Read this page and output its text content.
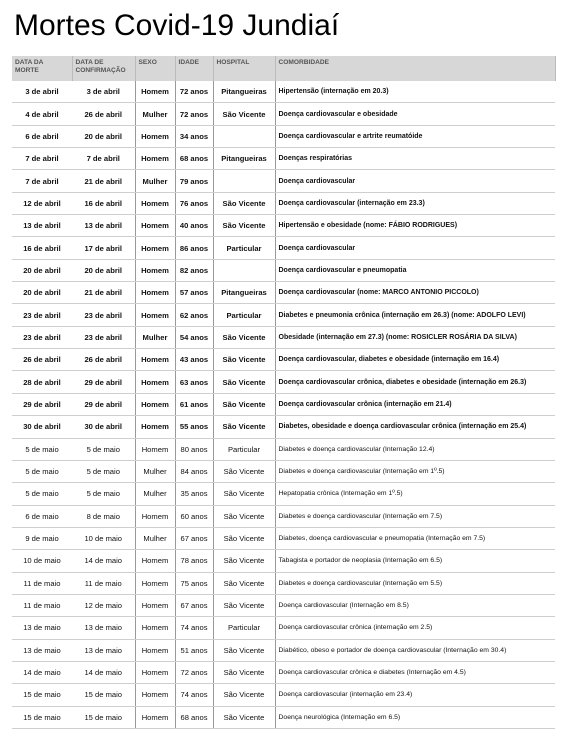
Mortes Covid-19 Jundiaí
DATA DA MORTE	DATA DE CONFIRMAÇÃO	SEXO	IDADE	HOSPITAL	COMORBIDADE
3 de abril	3 de abril	Homem	72 anos	Pitangueiras	Hipertensão (internação em 20.3)
4 de abril	26 de abril	Mulher	72 anos	São Vicente	Doença cardiovascular e obesidade
6 de abril	20 de abril	Homem	34 anos		Doença cardiovascular e artrite reumatóide
7 de abril	7 de abril	Homem	68 anos	Pitangueiras	Doenças respiratórias
7 de abril	21 de abril	Mulher	79 anos		Doença cardiovascular
12 de abril	16 de abril	Homem	76 anos	São Vicente	Doença cardiovascular (internação em 23.3)
13 de abril	13 de abril	Homem	40 anos	São Vicente	Hipertensão e obesidade (nome: FÁBIO RODRIGUES)
16 de abril	17 de abril	Homem	86 anos	Particular	Doença cardiovascular
20 de abril	20 de abril	Homem	82 anos		Doença cardiovascular e pneumopatia
20 de abril	21 de abril	Homem	57 anos	Pitangueiras	Doença cardiovascular (nome: MARCO ANTONIO PICCOLO)
23 de abril	23 de abril	Homem	62 anos	Particular	Diabetes e pneumonia crônica (internação em 26.3) (nome: ADOLFO LEVI)
23 de abril	23 de abril	Mulher	54 anos	São Vicente	Obesidade (internação em 27.3) (nome: ROSICLER ROSÁRIA DA SILVA)
26 de abril	26 de abril	Homem	43 anos	São Vicente	Doença cardiovascular, diabetes e obesidade (internação em 16.4)
28 de abril	29 de abril	Homem	63 anos	São Vicente	Doença cardiovascular crônica, diabetes e obesidade (internação em 26.3)
29 de abril	29 de abril	Homem	61 anos	São Vicente	Doença cardiovascular crônica (internação em 21.4)
30 de abril	30 de abril	Homem	55 anos	São Vicente	Diabetes, obesidade e doença cardiovascular crônica (internação em 25.4)
5 de maio	5 de maio	Homem	80 anos	Particular	Diabetes e doença cardiovascular (Internação 12.4)
5 de maio	5 de maio	Mulher	84 anos	São Vicente	Diabetes e doença cardiovascular (Internação em 1º.5)
5 de maio	5 de maio	Mulher	35 anos	São Vicente	Hepatopatia crônica (Internação em 1º.5)
6 de maio	8 de maio	Homem	60 anos	São Vicente	Diabetes e doença cardiovascular (Internação em 7.5)
9 de maio	10 de maio	Mulher	67 anos	São Vicente	Diabetes, doença cardiovascular e pneumopatia (Internação em 7.5)
10 de maio	14 de maio	Homem	78 anos	São Vicente	Tabagista e portador de neoplasia (Internação em 6.5)
11 de maio	11 de maio	Homem	75 anos	São Vicente	Diabetes e doença cardiovascular (Internação em 5.5)
11 de maio	12 de maio	Homem	67 anos	São Vicente	Doença cardiovascular (Internação em 8.5)
13 de maio	13 de maio	Homem	74 anos	Particular	Doença cardiovascular crônica (internação em 2.5)
13 de maio	13 de maio	Homem	51 anos	São Vicente	Diabético, obeso e portador de doença cardiovascular (Internação em 30.4)
14 de maio	14 de maio	Homem	72 anos	São Vicente	Doença cardiovascular crônica e diabetes (Internação em 4.5)
15 de maio	15 de maio	Homem	74 anos	São Vicente	Doença cardiovascular (internação em 23.4)
15 de maio	15 de maio	Homem	68 anos	São Vicente	Doença neurológica (Internação em 6.5)
